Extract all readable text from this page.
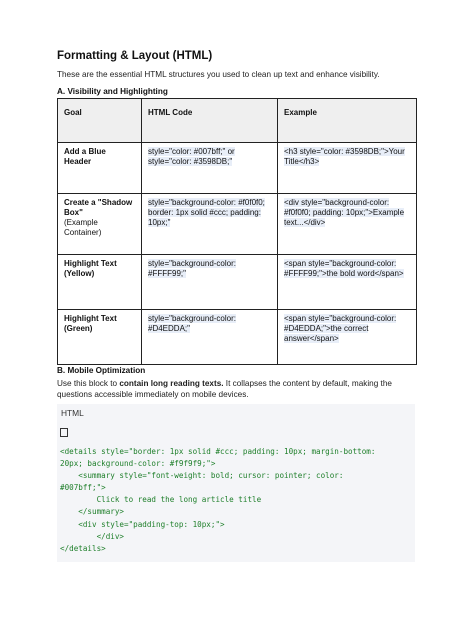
Formatting & Layout (HTML)
These are the essential HTML structures you used to clean up text and enhance visibility.
A. Visibility and Highlighting
Goal	HTML Code	Example
Add a Blue Header	style="color: #007bff;" or style="color: #3598DB;"	<h3 style="color: #3598DB;">Your Title</h3>
Create a "Shadow Box"
(Example Container)	style="background-color: #f0f0f0; border: 1px solid #ccc; padding: 10px;"	<div style="background-color: #f0f0f0; padding: 10px;">Example text...</div>
Highlight Text (Yellow)	style="background-color: #FFFF99;"	<span style="background-color: #FFFF99;">the bold word</span>
Highlight Text (Green)	style="background-color: #D4EDDA;"	<span style="background-color: #D4EDDA;">the correct answer</span>
B. Mobile Optimization
Use this block to contain long reading texts. It collapses the content by default, making the questions accessible immediately on mobile devices.
HTML
<details style="border: 1px solid #ccc; padding: 10px; margin-bottom:
20px; background-color: #f9f9f9;">
<summary style="font-weight: bold; cursor: pointer; color:
#007bff;">
Click to read the long article title
</summary>
<div style="padding-top: 10px;">
</div>
</details>
